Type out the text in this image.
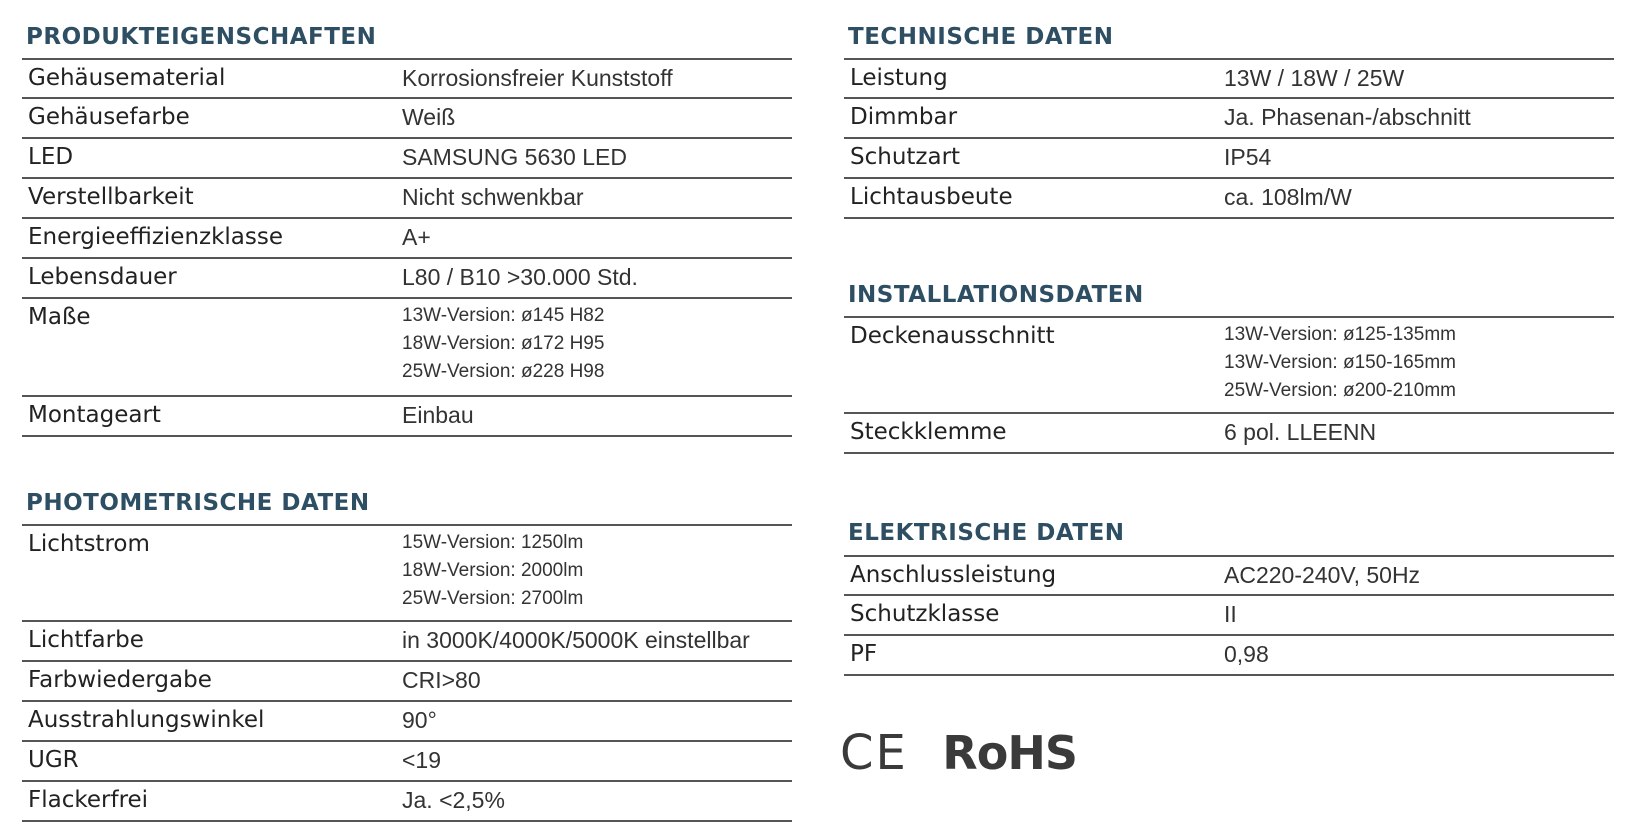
PRODUKTEIGENSCHAFTEN
Gehäusematerial	Korrosionsfreier Kunststoff
Gehäusefarbe	Weiß
LED	SAMSUNG 5630 LED
Verstellbarkeit	Nicht schwenkbar
Energieeffizienzklasse	A+
Lebensdauer	L80 / B10 >30.000 Std.
Maße	13W-Version: ø145 H82
18W-Version: ø172 H95
25W-Version: ø228 H98
Montageart	Einbau
PHOTOMETRISCHE DATEN
Lichtstrom	15W-Version: 1250lm
18W-Version: 2000lm
25W-Version: 2700lm
Lichtfarbe	in 3000K/4000K/5000K einstellbar
Farbwiedergabe	CRI>80
Ausstrahlungswinkel	90°
UGR	<19
Flackerfrei	Ja. <2,5%
TECHNISCHE DATEN
Leistung	13W / 18W / 25W
Dimmbar	Ja. Phasenan-/abschnitt
Schutzart	IP54
Lichtausbeute	ca. 108lm/W
INSTALLATIONSDATEN
Deckenausschnitt	13W-Version: ø125-135mm
13W-Version: ø150-165mm
25W-Version: ø200-210mm
Steckklemme	6 pol. LLEENN
ELEKTRISCHE DATEN
Anschlussleistung	AC220-240V, 50Hz
Schutzklasse	II
PF	0,98
CE RoHS
